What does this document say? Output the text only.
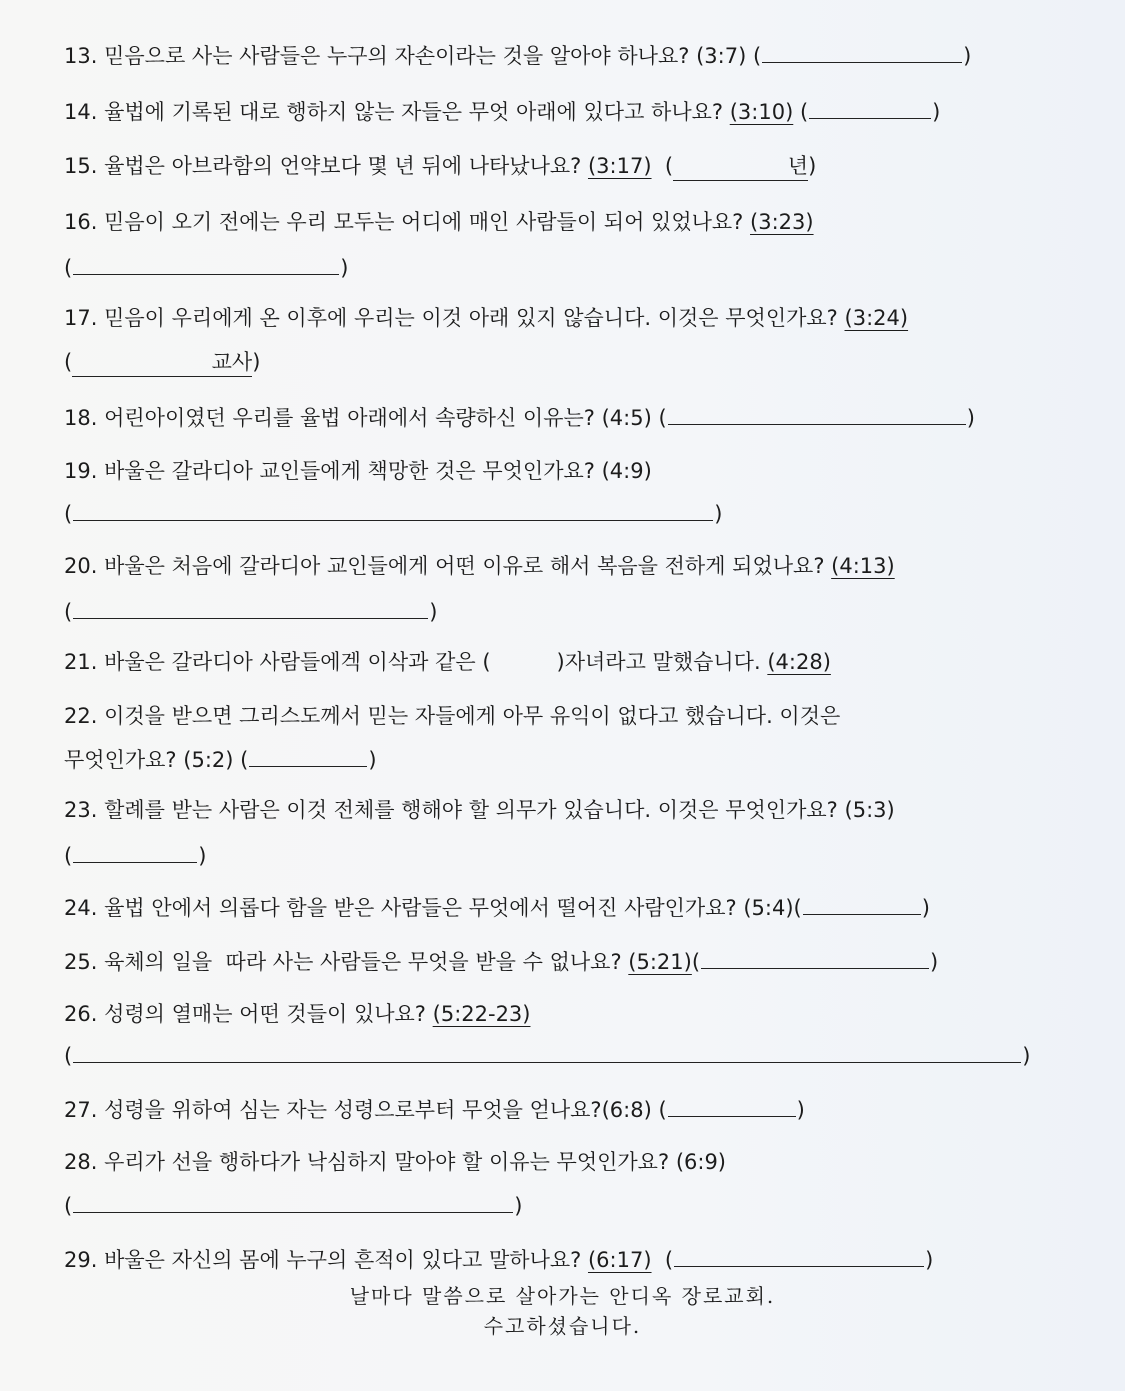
13. 믿음으로 사는 사람들은 누구의 자손이라는 것을 알아야 하나요? (3:7) (	)
14. 율법에 기록된 대로 행하지 않는 자들은 무엇 아래에 있다고 하나요? (3:10) (	)
15. 율법은 아브라함의 언약보다 몇 년 뒤에 나타났나요? (3:17) (	년)
16. 믿음이 오기 전에는 우리 모두는 어디에 매인 사람들이 되어 있었나요? (3:23)
(	)
17. 믿음이 우리에게 온 이후에 우리는 이것 아래 있지 않습니다. 이것은 무엇인가요? (3:24)
(	교사)
18. 어린아이였던 우리를 율법 아래에서 속량하신 이유는? (4:5) (	)
19. 바울은 갈라디아 교인들에게 책망한 것은 무엇인가요? (4:9)
(	)
20. 바울은 처음에 갈라디아 교인들에게 어떤 이유로 해서 복음을 전하게 되었나요? (4:13)
(	)
21. 바울은 갈라디아 사람들에겍 이삭과 같은 (	)자녀라고 말했습니다. (4:28)
22. 이것을 받으면 그리스도께서 믿는 자들에게 아무 유익이 없다고 했습니다. 이것은
무엇인가요? (5:2) (	)
23. 할례를 받는 사람은 이것 전체를 행해야 할 의무가 있습니다. 이것은 무엇인가요? (5:3)
(	)
24. 율법 안에서 의롭다 함을 받은 사람들은 무엇에서 떨어진 사람인가요? (5:4)(	)
25. 육체의 일을  따라 사는 사람들은 무엇을 받을 수 없나요? (5:21)(	)
26. 성령의 열매는 어떤 것들이 있나요? (5:22-23)
(	)
27. 성령을 위하여 심는 자는 성령으로부터 무엇을 얻나요?(6:8) (	)
28. 우리가 선을 행하다가 낙심하지 말아야 할 이유는 무엇인가요? (6:9)
(	)
29. 바울은 자신의 몸에 누구의 흔적이 있다고 말하나요? (6:17) (	)
날마다 말씀으로 살아가는 안디옥 장로교회.
수고하셨습니다.
